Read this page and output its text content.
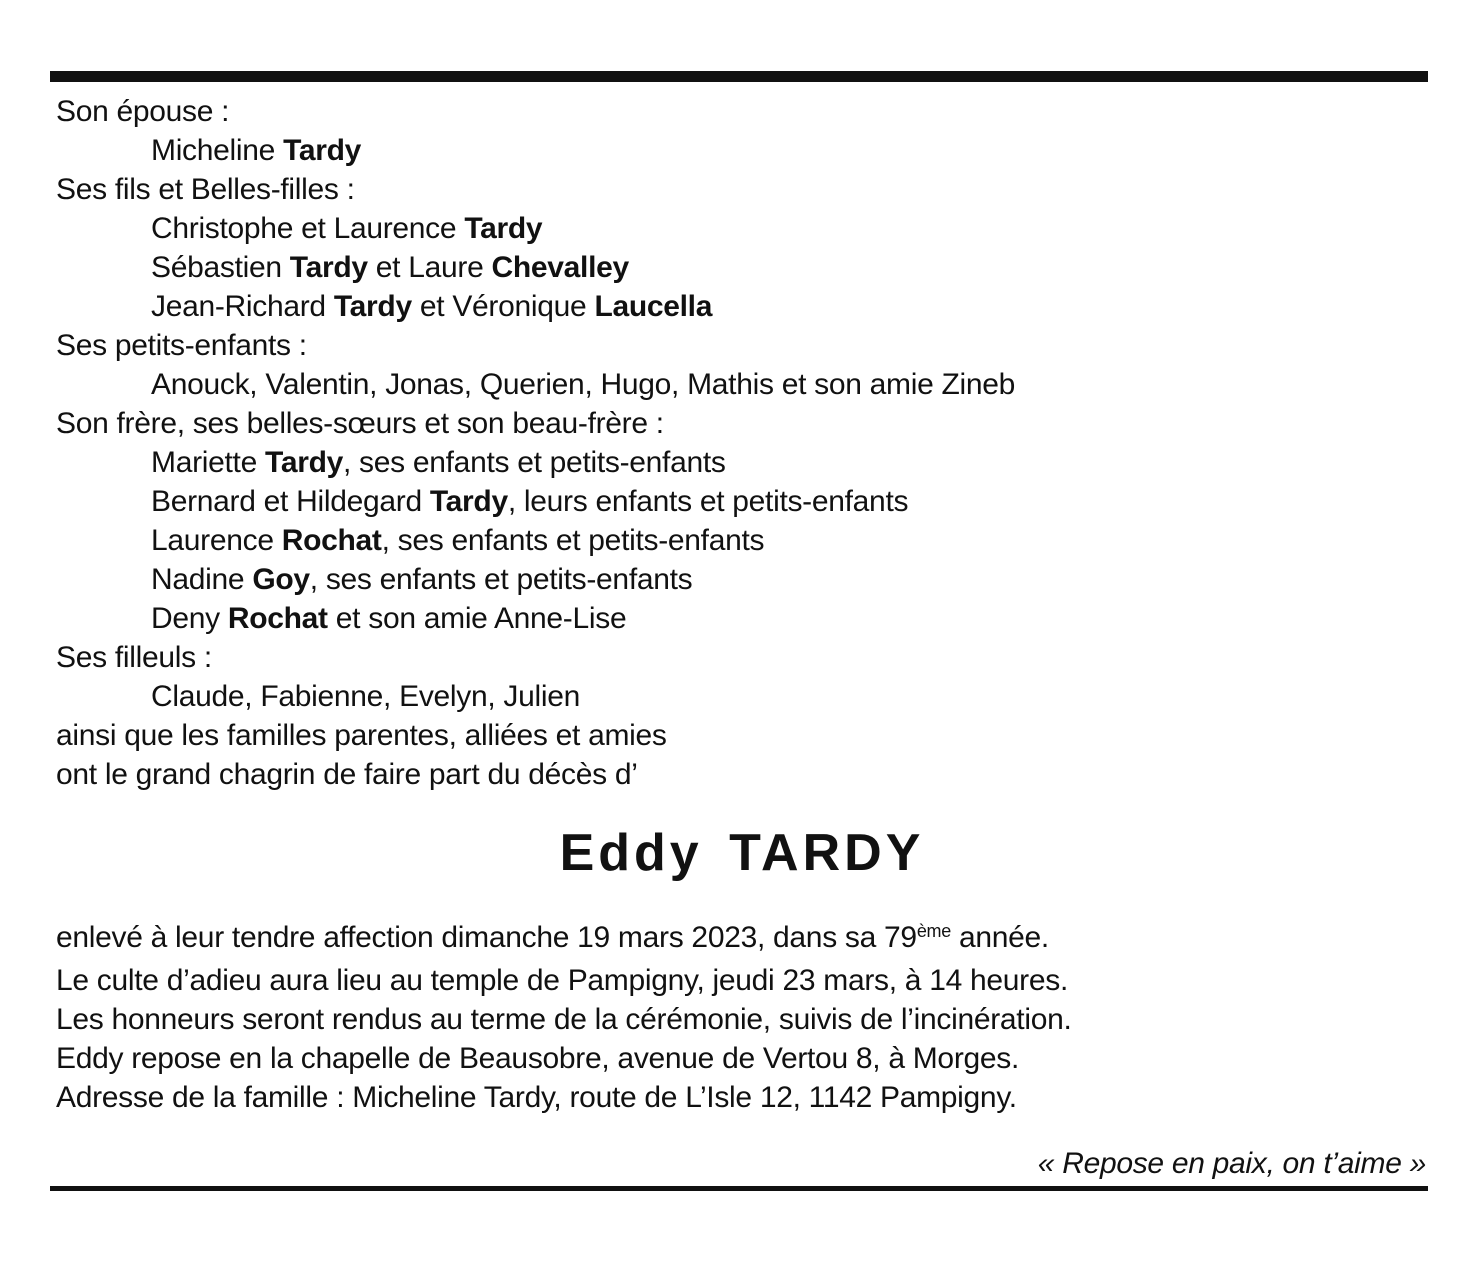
Son épouse :
Micheline Tardy
Ses fils et Belles-filles :
Christophe et Laurence Tardy
Sébastien Tardy et Laure Chevalley
Jean-Richard Tardy et Véronique Laucella
Ses petits-enfants :
Anouck, Valentin, Jonas, Querien, Hugo, Mathis et son amie Zineb
Son frère, ses belles-sœurs et son beau-frère :
Mariette Tardy, ses enfants et petits-enfants
Bernard et Hildegard Tardy, leurs enfants et petits-enfants
Laurence Rochat, ses enfants et petits-enfants
Nadine Goy, ses enfants et petits-enfants
Deny Rochat et son amie Anne-Lise
Ses filleuls :
Claude, Fabienne, Evelyn, Julien
ainsi que les familles parentes, alliées et amies
ont le grand chagrin de faire part du décès d’
Eddy TARDY
enlevé à leur tendre affection dimanche 19 mars 2023, dans sa 79ème année.
Le culte d’adieu aura lieu au temple de Pampigny, jeudi 23 mars, à 14 heures.
Les honneurs seront rendus au terme de la cérémonie, suivis de l’incinération.
Eddy repose en la chapelle de Beausobre, avenue de Vertou 8, à Morges.
Adresse de la famille : Micheline Tardy, route de L’Isle 12, 1142 Pampigny.
« Repose en paix, on t’aime »
